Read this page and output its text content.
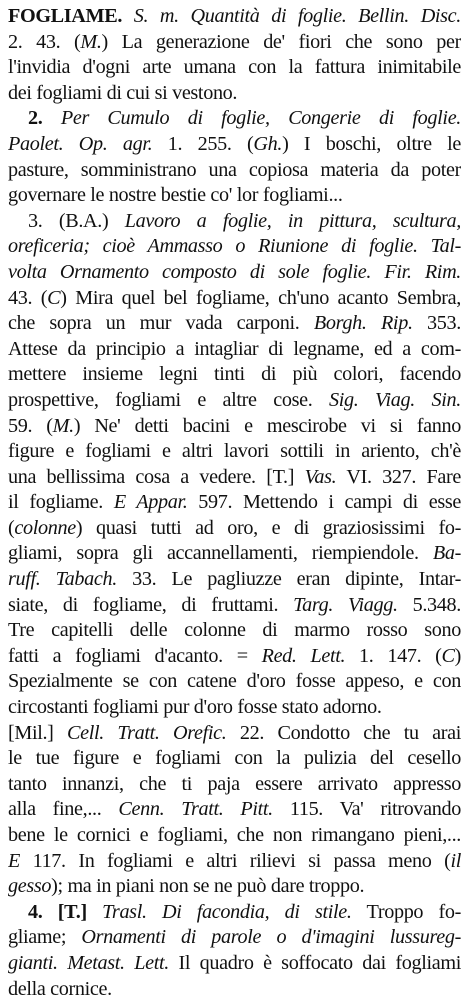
FOGLIAME. S. m. Quantità di foglie. Bellin. Disc.
2. 43. (M.) La generazione de' fiori che sono per
l'invidia d'ogni arte umana con la fattura inimitabile
dei fogliami di cui si vestono.
2. Per Cumulo di foglie, Congerie di foglie.
Paolet. Op. agr. 1. 255. (Gh.) I boschi, oltre le
pasture, somministrano una copiosa materia da poter
governare le nostre bestie co' lor fogliami...
3. (B.A.) Lavoro a foglie, in pittura, scultura,
oreficeria; cioè Ammasso o Riunione di foglie. Tal-
volta Ornamento composto di sole foglie. Fir. Rim.
43. (C) Mira quel bel fogliame, ch'uno acanto Sembra,
che sopra un mur vada carponi. Borgh. Rip. 353.
Attese da principio a intagliar di legname, ed a com-
mettere insieme legni tinti di più colori, facendo
prospettive, fogliami e altre cose. Sig. Viag. Sin.
59. (M.) Ne' detti bacini e mescirobe vi si fanno
figure e fogliami e altri lavori sottili in ariento, ch'è
una bellissima cosa a vedere. [T.] Vas. VI. 327. Fare
il fogliame. E Appar. 597. Mettendo i campi di esse
(colonne) quasi tutti ad oro, e di graziosissimi fo-
gliami, sopra gli accannellamenti, riempiendole. Ba-
ruff. Tabach. 33. Le pagliuzze eran dipinte, Intar-
siate, di fogliame, di fruttami. Targ. Viagg. 5.348.
Tre capitelli delle colonne di marmo rosso sono
fatti a fogliami d'acanto. = Red. Lett. 1. 147. (C)
Spezialmente se con catene d'oro fosse appeso, e con
circostanti fogliami pur d'oro fosse stato adorno.
[Mil.] Cell. Tratt. Orefic. 22. Condotto che tu arai
le tue figure e fogliami con la pulizia del cesello
tanto innanzi, che ti paja essere arrivato appresso
alla fine,... Cenn. Tratt. Pitt. 115. Va' ritrovando
bene le cornici e fogliami, che non rimangano pieni,...
E 117. In fogliami e altri rilievi si passa meno (il
gesso); ma in piani non se ne può dare troppo.
4. [T.] Trasl. Di facondia, di stile. Troppo fo-
gliame; Ornamenti di parole o d'imagini lussureg-
gianti. Metast. Lett. Il quadro è soffocato dai fogliami
della cornice.
